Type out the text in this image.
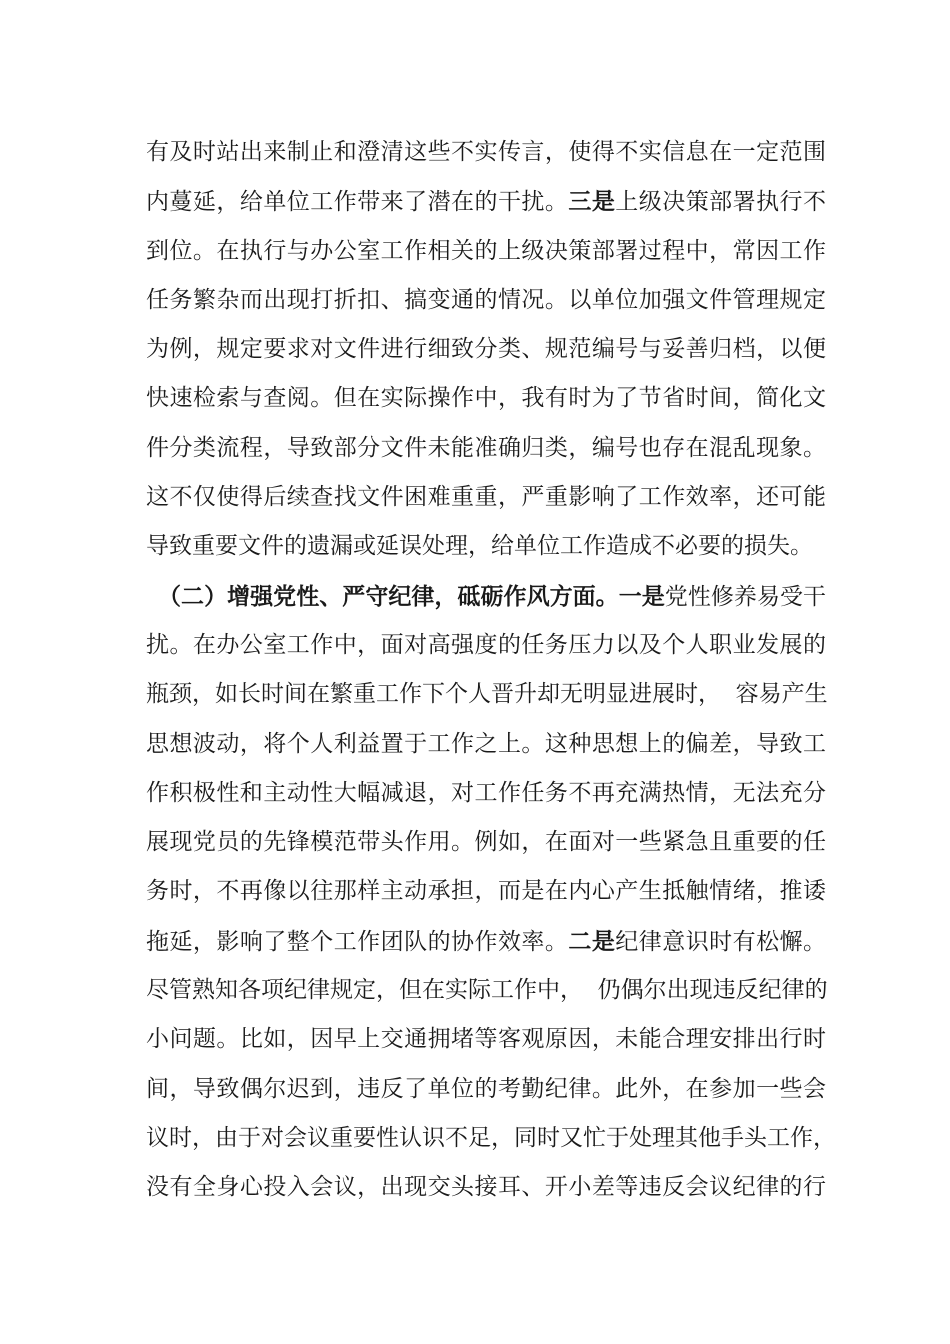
有及时站出来制止和澄清这些不实传言，使得不实信息在一定范围
内蔓延，给单位工作带来了潜在的干扰。三是上级决策部署执行不
到位。在执行与办公室工作相关的上级决策部署过程中，常因工作
任务繁杂而出现打折扣、搞变通的情况。以单位加强文件管理规定
为例，规定要求对文件进行细致分类、规范编号与妥善归档，以便
快速检索与查阅。但在实际操作中，我有时为了节省时间，简化文
件分类流程，导致部分文件未能准确归类，编号也存在混乱现象。
这不仅使得后续查找文件困难重重，严重影响了工作效率，还可能
导致重要文件的遗漏或延误处理，给单位工作造成不必要的损失。
（二）增强党性、严守纪律，砥砺作风方面。一是党性修养易受干
扰。在办公室工作中，面对高强度的任务压力以及个人职业发展的
瓶颈，如长时间在繁重工作下个人晋升却无明显进展时，  容易产生
思想波动，将个人利益置于工作之上。这种思想上的偏差，导致工
作积极性和主动性大幅减退，对工作任务不再充满热情，无法充分
展现党员的先锋模范带头作用。例如，在面对一些紧急且重要的任
务时，不再像以往那样主动承担，而是在内心产生抵触情绪，推诿
拖延，影响了整个工作团队的协作效率。二是纪律意识时有松懈。
尽管熟知各项纪律规定，但在实际工作中，  仍偶尔出现违反纪律的
小问题。比如，因早上交通拥堵等客观原因，未能合理安排出行时
间，导致偶尔迟到，违反了单位的考勤纪律。此外，在参加一些会
议时，由于对会议重要性认识不足，同时又忙于处理其他手头工作，
没有全身心投入会议，出现交头接耳、开小差等违反会议纪律的行
